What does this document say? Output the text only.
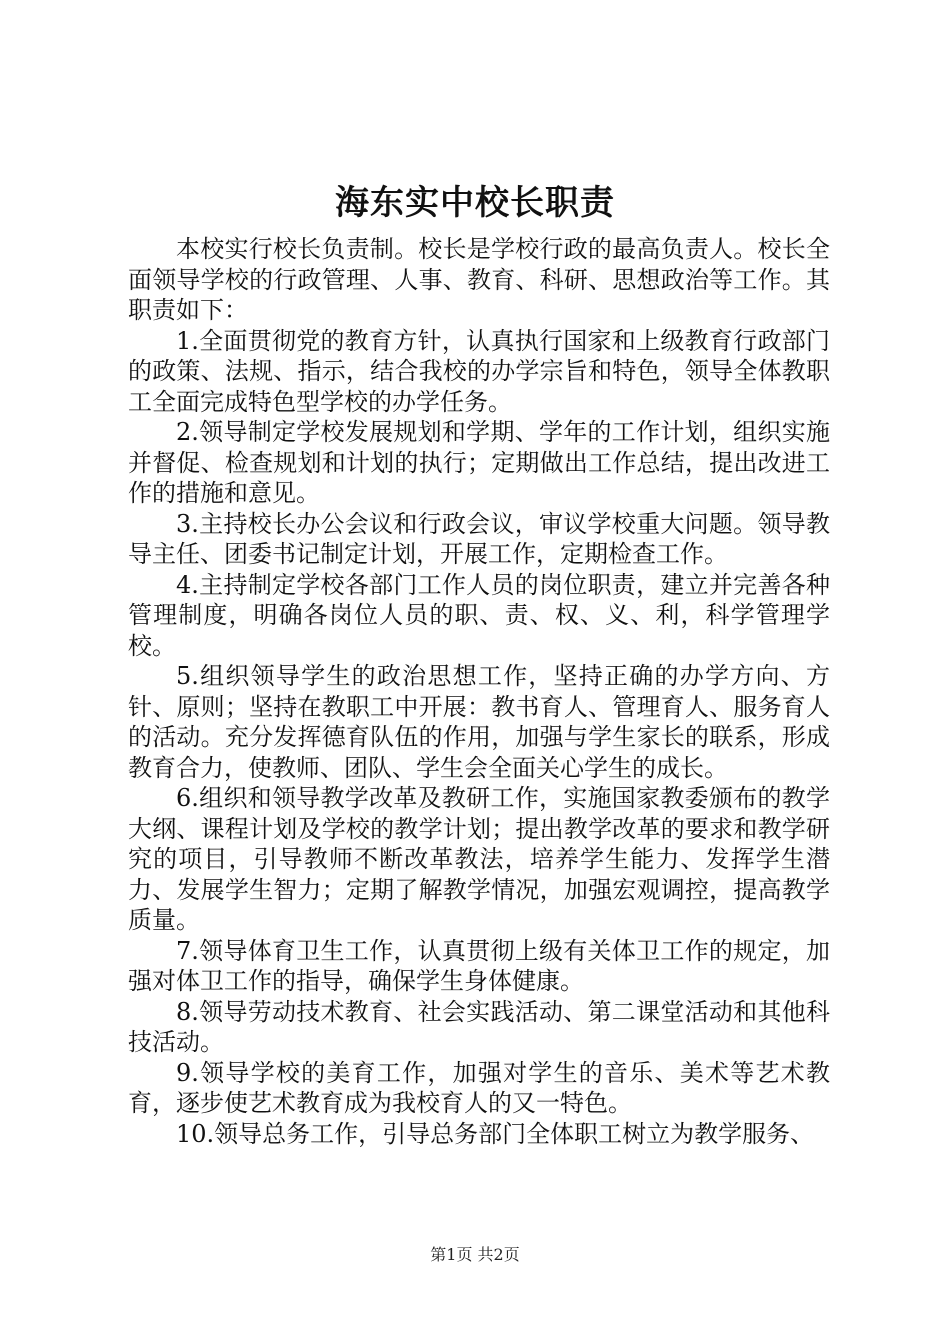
海东实中校长职责

本校实行校长负责制。校长是学校行政的最高负责人。校长全面领导学校的行政管理、人事、教育、科研、思想政治等工作。其职责如下：

1.全面贯彻党的教育方针，认真执行国家和上级教育行政部门的政策、法规、指示，结合我校的办学宗旨和特色，领导全体教职工全面完成特色型学校的办学任务。

2.领导制定学校发展规划和学期、学年的工作计划，组织实施并督促、检查规划和计划的执行；定期做出工作总结，提出改进工作的措施和意见。

3.主持校长办公会议和行政会议，审议学校重大问题。领导教导主任、团委书记制定计划，开展工作，定期检查工作。

4.主持制定学校各部门工作人员的岗位职责，建立并完善各种管理制度，明确各岗位人员的职、责、权、义、利，科学管理学校。

5.组织领导学生的政治思想工作，坚持正确的办学方向、方针、原则；坚持在教职工中开展：教书育人、管理育人、服务育人的活动。充分发挥德育队伍的作用，加强与学生家长的联系，形成教育合力，使教师、团队、学生会全面关心学生的成长。

6.组织和领导教学改革及教研工作，实施国家教委颁布的教学大纲、课程计划及学校的教学计划；提出教学改革的要求和教学研究的项目，引导教师不断改革教法，培养学生能力、发挥学生潜力、发展学生智力；定期了解教学情况，加强宏观调控，提高教学质量。

7.领导体育卫生工作，认真贯彻上级有关体卫工作的规定，加强对体卫工作的指导，确保学生身体健康。

8.领导劳动技术教育、社会实践活动、第二课堂活动和其他科技活动。

9.领导学校的美育工作，加强对学生的音乐、美术等艺术教育，逐步使艺术教育成为我校育人的又一特色。

10.领导总务工作，引导总务部门全体职工树立为教学服务、

第1页 共2页
